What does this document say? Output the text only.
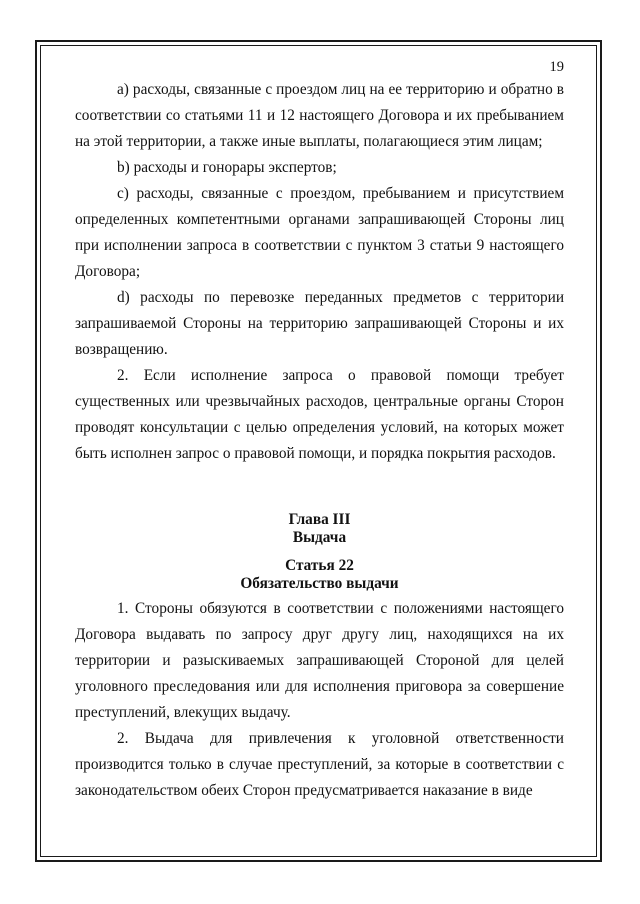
19

а) расходы, связанные с проездом лиц на ее территорию и обратно в соответствии со статьями 11 и 12 настоящего Договора и их пребыванием на этой территории, а также иные выплаты, полагающиеся этим лицам;

b) расходы и гонорары экспертов;

с) расходы, связанные с проездом, пребыванием и присутствием определенных компетентными органами запрашивающей Стороны лиц при исполнении запроса в соответствии с пунктом 3 статьи 9 настоящего Договора;

d) расходы по перевозке переданных предметов с территории запрашиваемой Стороны на территорию запрашивающей Стороны и их возвращению.

2. Если исполнение запроса о правовой помощи требует существенных или чрезвычайных расходов, центральные органы Сторон проводят консультации с целью определения условий, на которых может быть исполнен запрос о правовой помощи, и порядка покрытия расходов.

Глава III
Выдача
Статья 22
Обязательство выдачи

1. Стороны обязуются в соответствии с положениями настоящего Договора выдавать по запросу друг другу лиц, находящихся на их территории и разыскиваемых запрашивающей Стороной для целей уголовного преследования или для исполнения приговора за совершение преступлений, влекущих выдачу.

2. Выдача для привлечения к уголовной ответственности производится только в случае преступлений, за которые в соответствии с законодательством обеих Сторон предусматривается наказание в виде
